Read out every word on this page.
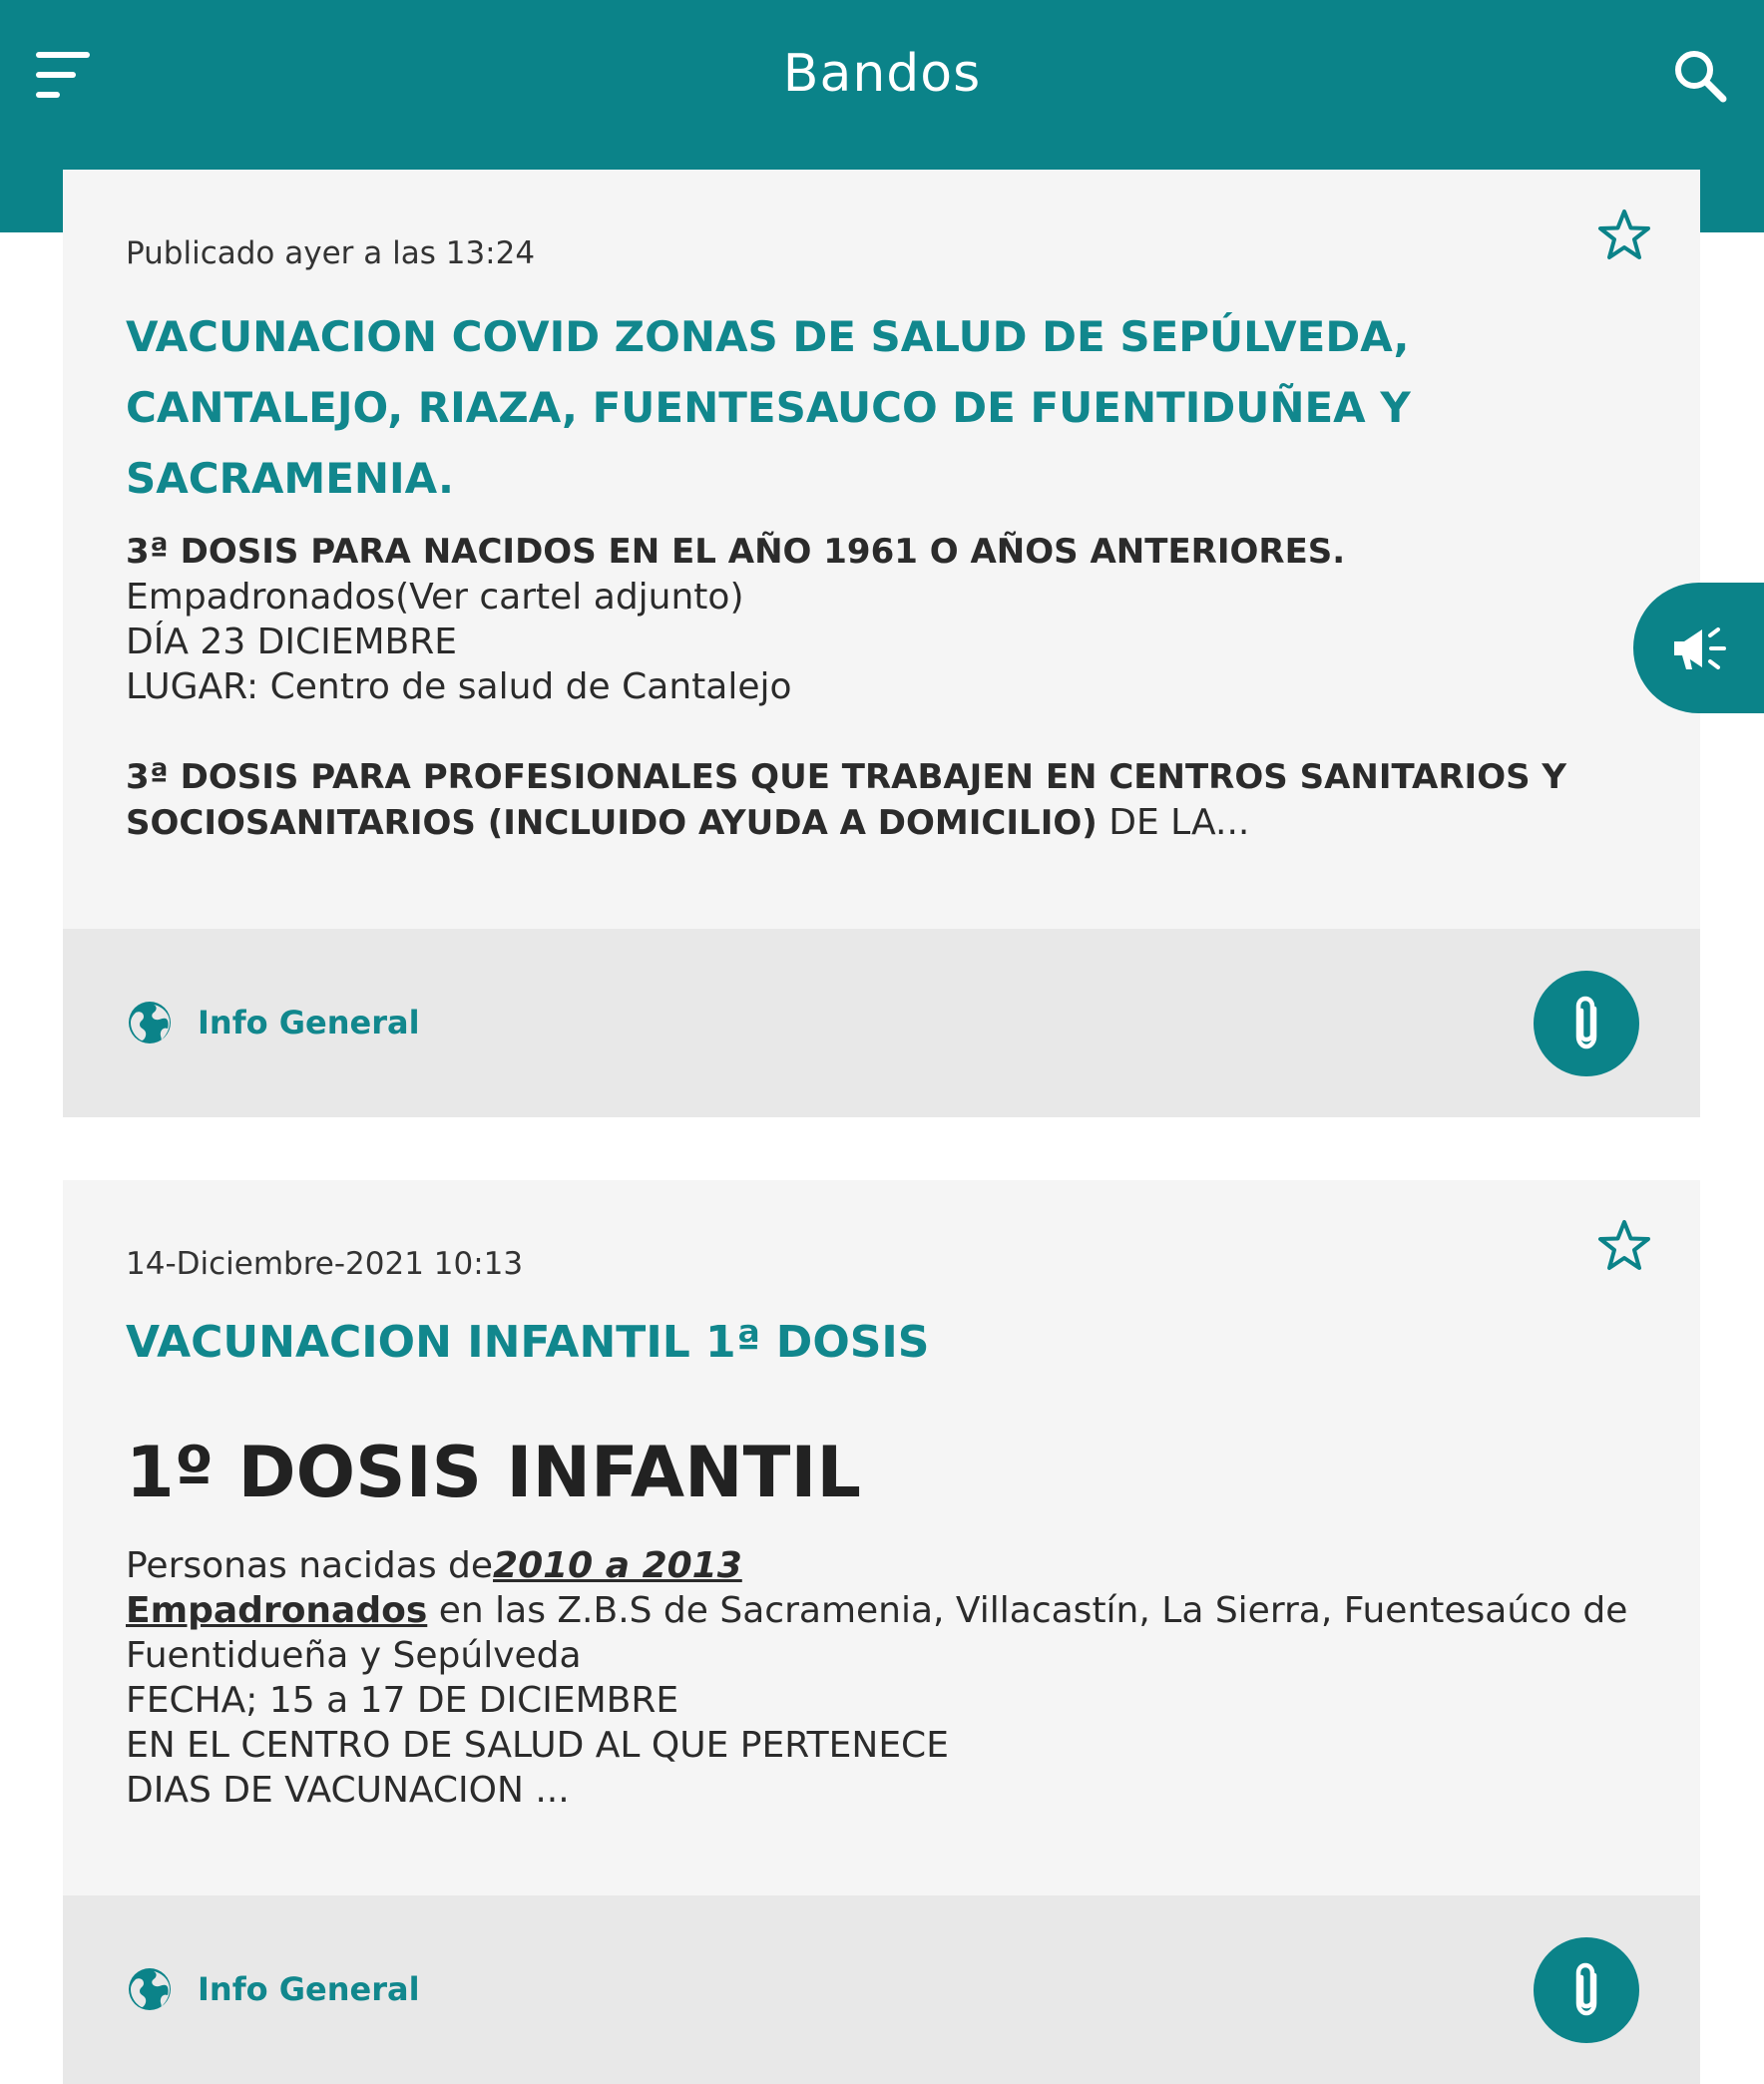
Bandos
Publicado ayer a las 13:24
VACUNACION COVID ZONAS DE SALUD DE SEPÚLVEDA, CANTALEJO, RIAZA, FUENTESAUCO DE FUENTIDUÑEA Y SACRAMENIA.
3ª DOSIS PARA NACIDOS EN EL AÑO 1961 O AÑOS ANTERIORES. Empadronados(Ver cartel adjunto)
DÍA 23 DICIEMBRE
LUGAR: Centro de salud de Cantalejo
3ª DOSIS PARA PROFESIONALES QUE TRABAJEN EN CENTROS SANITARIOS Y SOCIOSANITARIOS (INCLUIDO AYUDA A DOMICILIO) DE LA...
Info General
14-Diciembre-2021 10:13
VACUNACION INFANTIL 1ª DOSIS
1º DOSIS INFANTIL
Personas nacidas de2010 a 2013
Empadronados en las Z.B.S de Sacramenia, Villacastín, La Sierra, Fuentesaúco de Fuentidueña y Sepúlveda
FECHA; 15 a 17 DE DICIEMBRE
EN EL CENTRO DE SALUD AL QUE PERTENECE
DIAS DE VACUNACION ...
Info General
